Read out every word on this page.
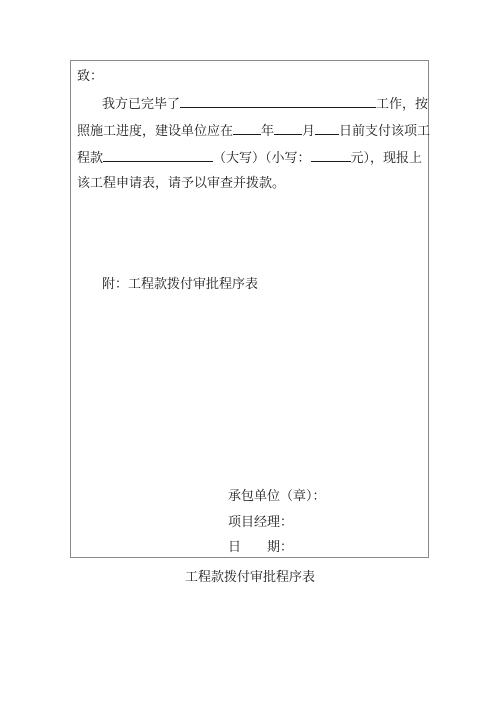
致：
我方已完毕了	工作，按
照施工进度，建设单位应在 年 月 日前支付该项工
程款	（大写）（小写：	元），现报上
该工程申请表，请予以审查并拨款。
附：工程款拨付审批程序表
承包单位（章）：
项目经理：
日　　期：
工程款拨付审批程序表
